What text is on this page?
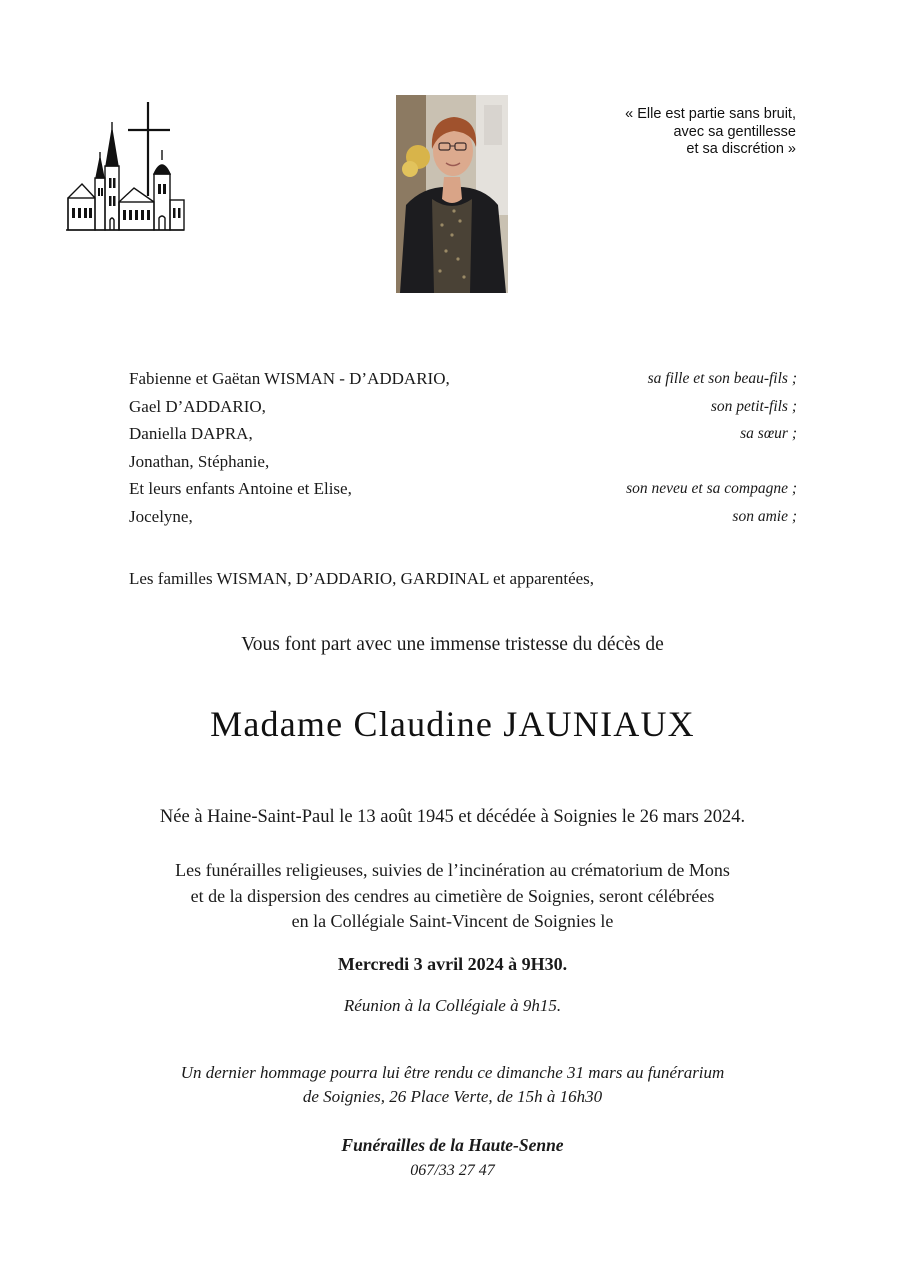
« Elle est partie sans bruit,
avec sa gentillesse
et sa discrétion »
Fabienne et Gaëtan WISMAN - D’ADDARIO,	sa fille et son beau-fils ;
Gael D’ADDARIO,	son petit-fils ;
Daniella DAPRA,	sa sœur ;
Jonathan, Stéphanie,
Et leurs enfants Antoine et Elise,	son neveu et sa compagne ;
Jocelyne,	son amie ;
Les familles WISMAN, D’ADDARIO, GARDINAL et apparentées,
Vous font part avec une immense tristesse du décès de
Madame Claudine JAUNIAUX
Née à Haine-Saint-Paul le 13 août 1945 et décédée à Soignies le 26 mars 2024.
Les funérailles religieuses, suivies de l’incinération au crématorium de Mons
et de la dispersion des cendres au cimetière de Soignies, seront célébrées
en la Collégiale Saint-Vincent de Soignies le
Mercredi 3 avril 2024 à 9H30.
Réunion à la Collégiale à 9h15.
Un dernier hommage pourra lui être rendu ce dimanche 31 mars au funérarium
de Soignies, 26 Place Verte, de 15h à 16h30
Funérailles de la Haute-Senne
067/33 27 47
